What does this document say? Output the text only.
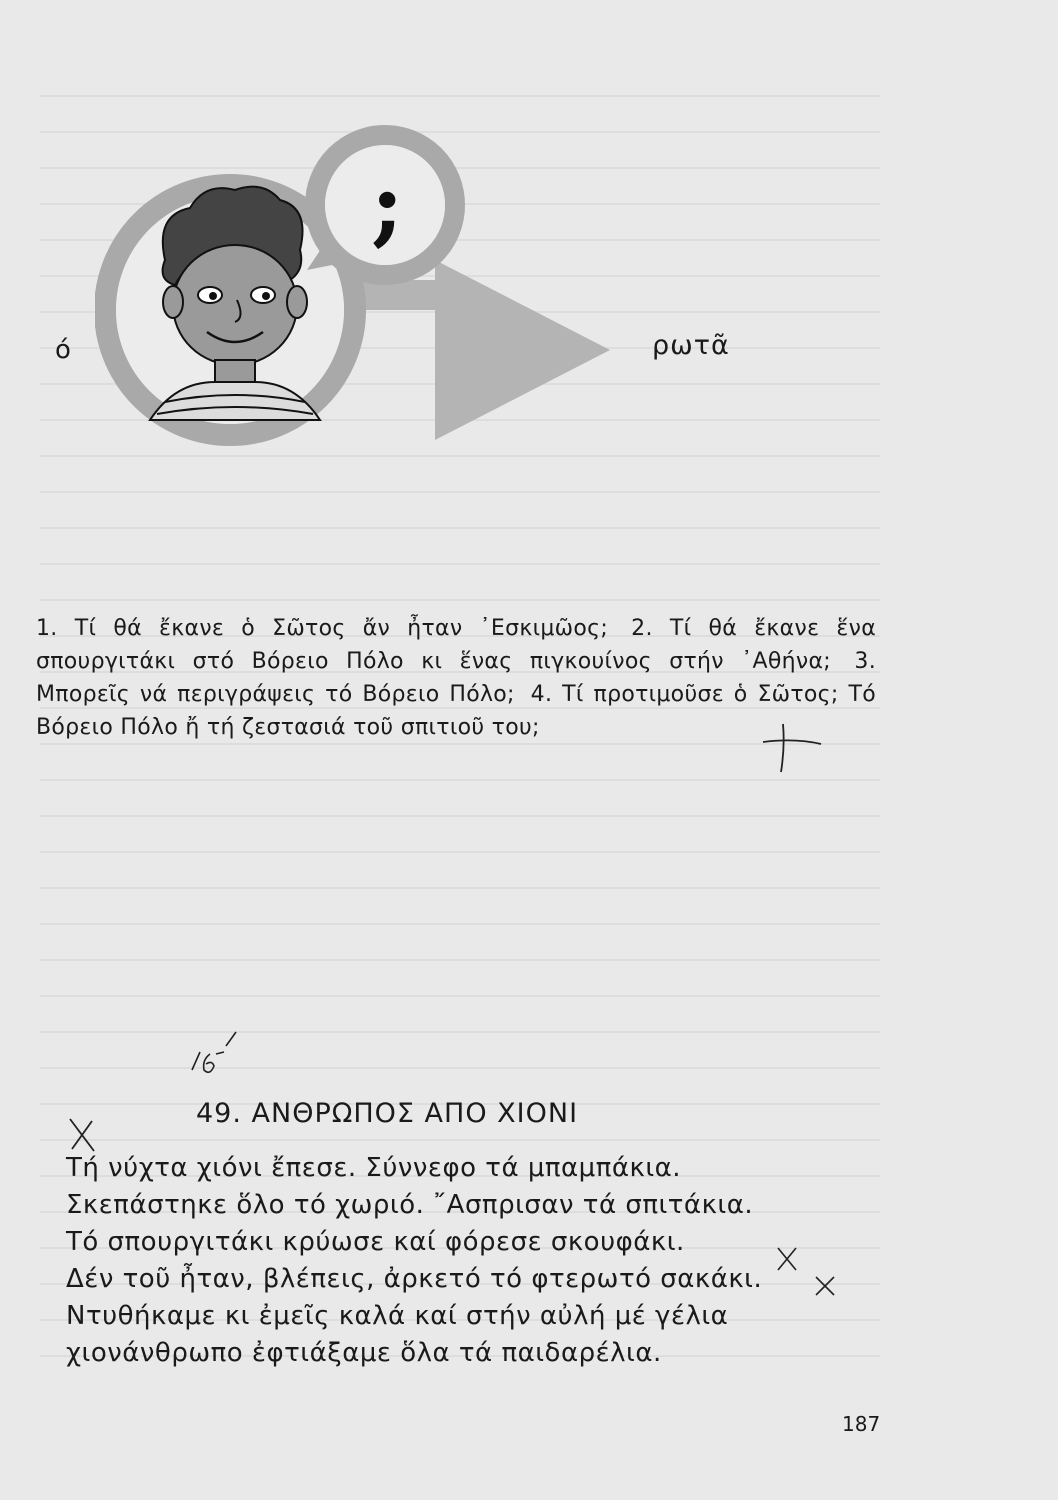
;
ό	ρωτᾶ
1. Τί θά ἔκανε ὁ Σῶτος ἄν ἦταν ᾿Εσκιμῶος; 2. Τί θά ἔκανε ἕνα σπουργιτάκι στό Βόρειο Πόλο κι ἕνας πιγκουίνος στήν ᾿Αθήνα; 3. Μπορεῖς νά περιγράψεις τό Βόρειο Πόλο; 4. Τί προτιμοῦσε ὁ Σῶτος; Τό Βόρειο Πόλο ἤ τή ζεστασιά τοῦ σπιτιοῦ του;
49. ΑΝΘΡΩΠΟΣ ΑΠΟ ΧΙΟΝΙ
Τή νύχτα χιόνι ἔπεσε. Σύννεφο τά μπαμπάκια.
Σκεπάστηκε ὅλο τό χωριό. ῎Ασπρισαν τά σπιτάκια.
Τό σπουργιτάκι κρύωσε καί φόρεσε σκουφάκι.
Δέν τοῦ ἦταν, βλέπεις, ἀρκετό τό φτερωτό σακάκι.
Ντυθήκαμε κι ἐμεῖς καλά καί στήν αὐλή μέ γέλια
χιονάνθρωπο ἐφτιάξαμε ὅλα τά παιδαρέλια.
187
